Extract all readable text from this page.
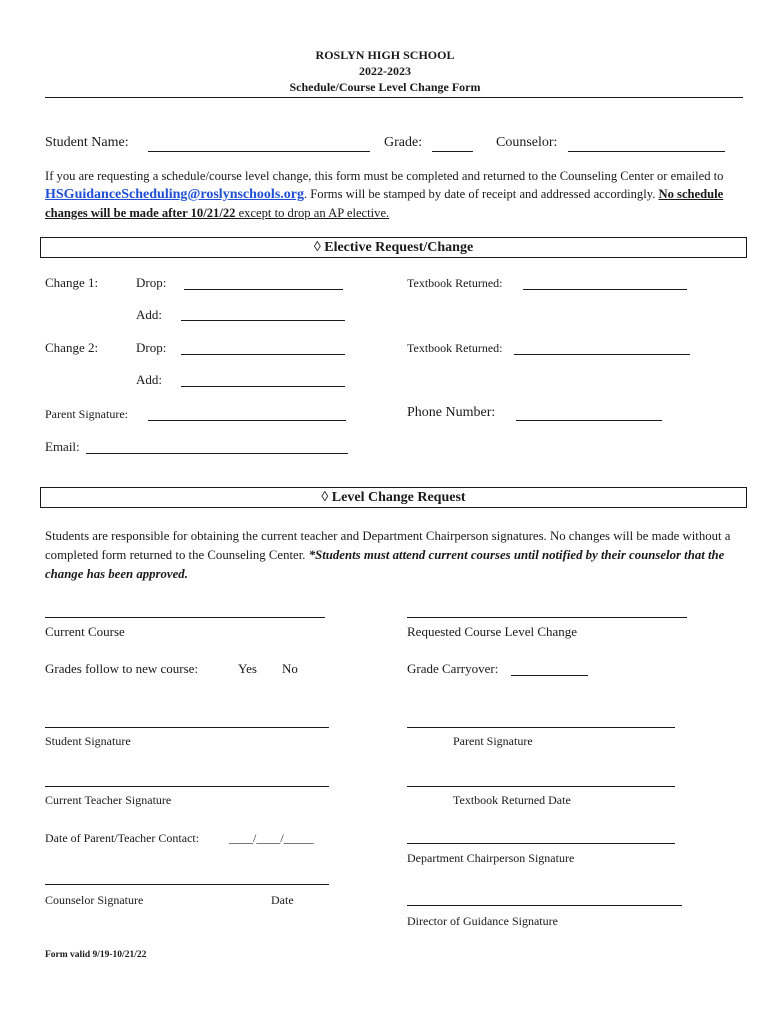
ROSLYN HIGH SCHOOL
2022-2023
Schedule/Course Level Change Form
Student Name:	Grade:	Counselor:
If you are requesting a schedule/course level change, this form must be completed and returned to the Counseling Center or emailed to HSGuidanceScheduling@roslynschools.org. Forms will be stamped by date of receipt and addressed accordingly. No schedule changes will be made after 10/21/22 except to drop an AP elective.
◊ Elective Request/Change
Change 1:	Drop:	Textbook Returned:
Add:
Change 2:	Drop:	Textbook Returned:
Add:
Parent Signature:	Phone Number:
Email:
◊ Level Change Request
Students are responsible for obtaining the current teacher and Department Chairperson signatures. No changes will be made without a completed form returned to the Counseling Center. *Students must attend current courses until notified by their counselor that the change has been approved.
Current Course	Requested Course Level Change
Grades follow to new course:	Yes No	Grade Carryover:
Student Signature	Parent Signature
Current Teacher Signature	Textbook Returned Date
Date of Parent/Teacher Contact: ____/____/_____
Department Chairperson Signature
Counselor Signature	Date
Director of Guidance Signature
Form valid 9/19-10/21/22
